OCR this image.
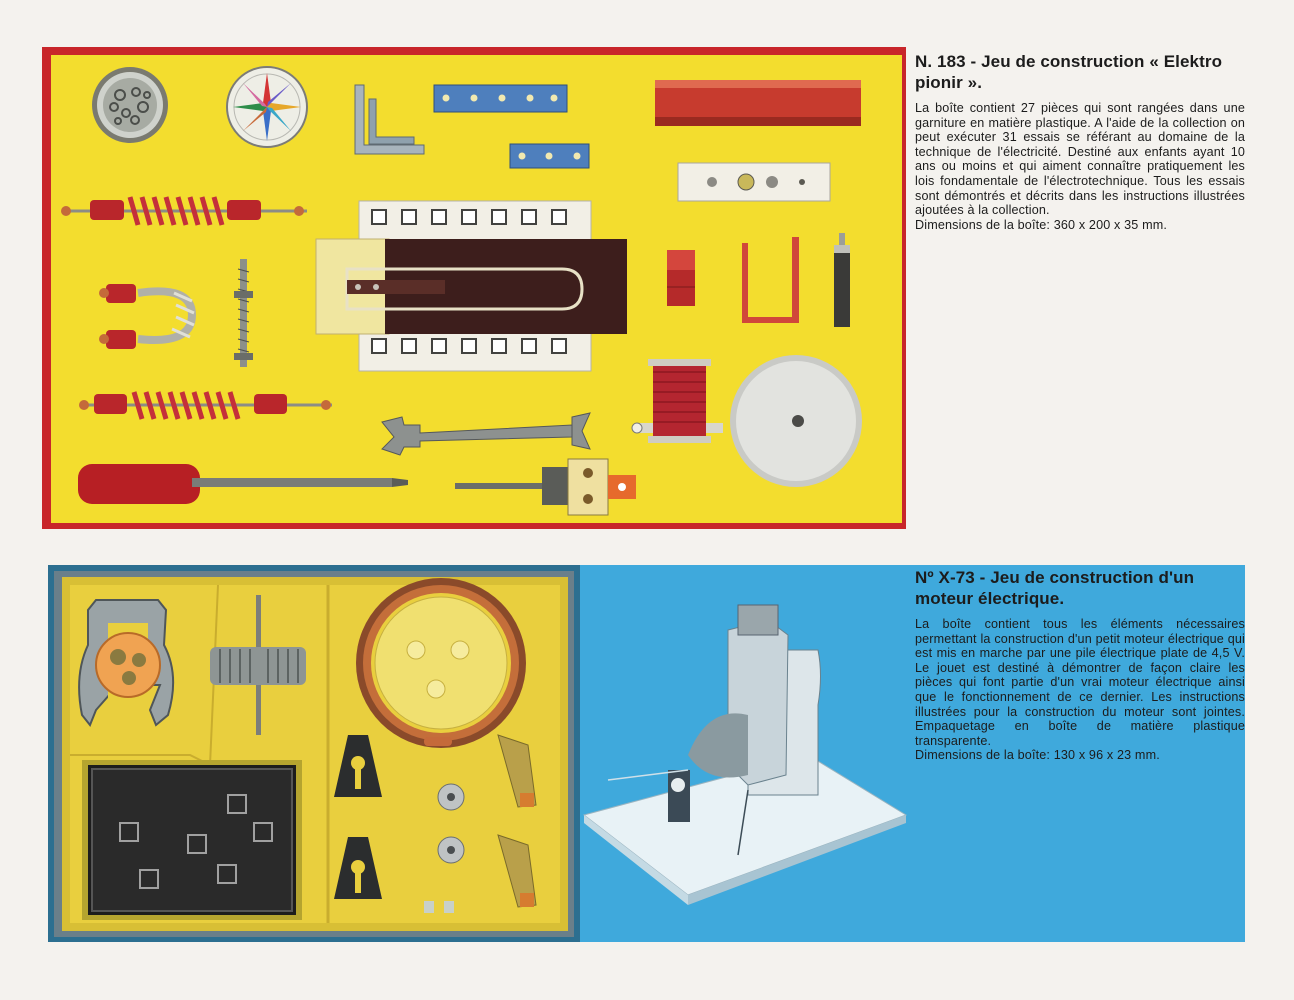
N. 183 - Jeu de construction « Elektro pionir ».

La boîte contient 27 pièces qui sont rangées dans une garniture en matière plastique. A l'aide de la collection on peut exécuter 31 essais se référant au domaine de la technique de l'électricité. Destiné aux enfants ayant 10 ans ou moins et qui aiment connaître pratiquement les lois fondamentale de l'électrotechnique. Tous les essais sont démontrés et décrits dans les instructions illustrées ajoutées à la collection.

Dimensions de la boîte: 360 x 200 x 35 mm.

Nº X-73 - Jeu de construction d'un moteur électrique.

La boîte contient tous les éléments nécessaires permettant la construction d'un petit moteur électrique qui est mis en marche par une pile électrique plate de 4,5 V. Le jouet est destiné à démontrer de façon claire les pièces qui font partie d'un vrai moteur électrique ainsi que le fonctionnement de ce dernier. Les instructions illustrées pour la construction du moteur sont jointes. Empaquetage en boîte de matière plastique transparente.

Dimensions de la boîte: 130 x 96 x 23 mm.
